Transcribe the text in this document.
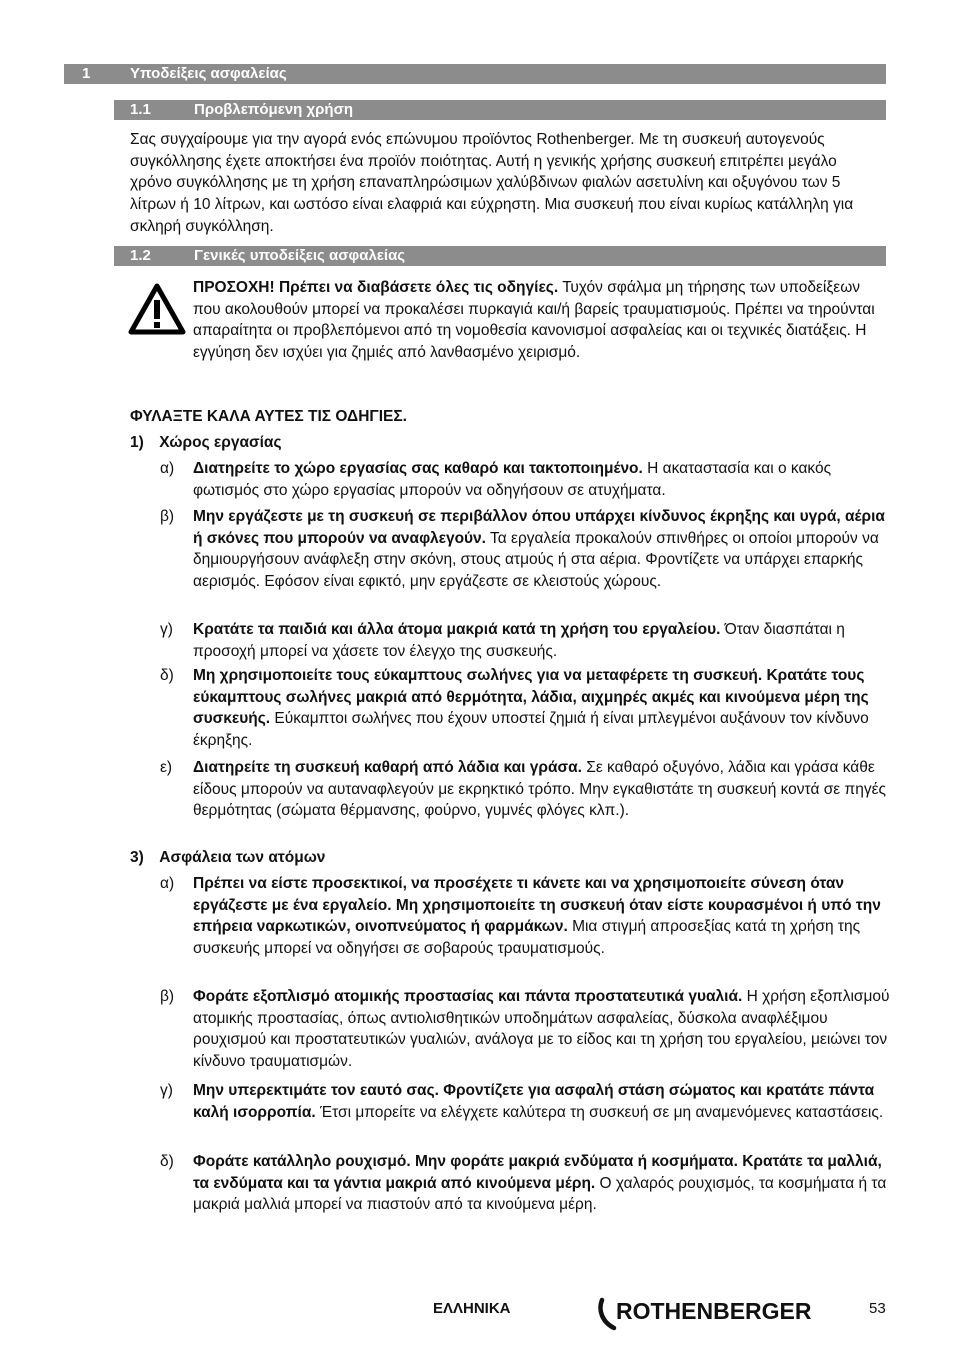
1	Υποδείξεις ασφαλείας
1.1	Προβλεπόμενη χρήση
Σας συγχαίρουμε για την αγορά ενός επώνυμου προϊόντος Rothenberger. Με τη συσκευή αυτογενούς συγκόλλησης έχετε αποκτήσει ένα προϊόν ποιότητας. Αυτή η γενικής χρήσης συσκευή επιτρέπει μεγάλο χρόνο συγκόλλησης με τη χρήση επαναπληρώσιμων χαλύβδινων φιαλών ασετυλίνη και οξυγόνου των 5 λίτρων ή 10 λίτρων, και ωστόσο είναι ελαφριά και εύχρηστη. Μια συσκευή που είναι κυρίως κατάλληλη για σκληρή συγκόλληση.
1.2	Γενικές υποδείξεις ασφαλείας
ΠΡΟΣΟΧΗ! Πρέπει να διαβάσετε όλες τις οδηγίες. Τυχόν σφάλμα μη τήρησης των υποδείξεων που ακολουθούν μπορεί να προκαλέσει πυρκαγιά και/ή βαρείς τραυματισμούς. Πρέπει να τηρούνται απαραίτητα οι προβλεπόμενοι από τη νομοθεσία κανονισμοί ασφαλείας και οι τεχνικές διατάξεις. Η εγγύηση δεν ισχύει για ζημιές από λανθασμένο χειρισμό.
ΦΥΛΑΞΤΕ ΚΑΛΑ ΑΥΤΕΣ ΤΙΣ ΟΔΗΓΙΕΣ.
1) Χώρος εργασίας
α) Διατηρείτε το χώρο εργασίας σας καθαρό και τακτοποιημένο. Η ακαταστασία και ο κακός φωτισμός στο χώρο εργασίας μπορούν να οδηγήσουν σε ατυχήματα.
β) Μην εργάζεστε με τη συσκευή σε περιβάλλον όπου υπάρχει κίνδυνος έκρηξης και υγρά, αέρια ή σκόνες που μπορούν να αναφλεγούν. Τα εργαλεία προκαλούν σπινθήρες οι οποίοι μπορούν να δημιουργήσουν ανάφλεξη στην σκόνη, στους ατμούς ή στα αέρια. Φροντίζετε να υπάρχει επαρκής αερισμός. Εφόσον είναι εφικτό, μην εργάζεστε σε κλειστούς χώρους.
γ) Κρατάτε τα παιδιά και άλλα άτομα μακριά κατά τη χρήση του εργαλείου. Όταν διασπάται η προσοχή μπορεί να χάσετε τον έλεγχο της συσκευής.
δ) Μη χρησιμοποιείτε τους εύκαμπτους σωλήνες για να μεταφέρετε τη συσκευή. Κρατάτε τους εύκαμπτους σωλήνες μακριά από θερμότητα, λάδια, αιχμηρές ακμές και κινούμενα μέρη της συσκευής. Εύκαμπτοι σωλήνες που έχουν υποστεί ζημιά ή είναι μπλεγμένοι αυξάνουν τον κίνδυνο έκρηξης.
ε) Διατηρείτε τη συσκευή καθαρή από λάδια και γράσα. Σε καθαρό οξυγόνο, λάδια και γράσα κάθε είδους μπορούν να αυταναφλεγούν με εκρηκτικό τρόπο. Μην εγκαθιστάτε τη συσκευή κοντά σε πηγές θερμότητας (σώματα θέρμανσης, φούρνο, γυμνές φλόγες κλπ.).
3) Ασφάλεια των ατόμων
α) Πρέπει να είστε προσεκτικοί, να προσέχετε τι κάνετε και να χρησιμοποιείτε σύνεση όταν εργάζεστε με ένα εργαλείο. Μη χρησιμοποιείτε τη συσκευή όταν είστε κουρασμένοι ή υπό την επήρεια ναρκωτικών, οινοπνεύματος ή φαρμάκων. Μια στιγμή απροσεξίας κατά τη χρήση της συσκευής μπορεί να οδηγήσει σε σοβαρούς τραυματισμούς.
β) Φοράτε εξοπλισμό ατομικής προστασίας και πάντα προστατευτικά γυαλιά. Η χρήση εξοπλισμού ατομικής προστασίας, όπως αντιολισθητικών υποδημάτων ασφαλείας, δύσκολα αναφλέξιμου ρουχισμού και προστατευτικών γυαλιών, ανάλογα με το είδος και τη χρήση του εργαλείου, μειώνει τον κίνδυνο τραυματισμών.
γ) Μην υπερεκτιμάτε τον εαυτό σας. Φροντίζετε για ασφαλή στάση σώματος και κρατάτε πάντα καλή ισορροπία. Έτσι μπορείτε να ελέγχετε καλύτερα τη συσκευή σε μη αναμενόμενες καταστάσεις.
δ) Φοράτε κατάλληλο ρουχισμό. Μην φοράτε μακριά ενδύματα ή κοσμήματα. Κρατάτε τα μαλλιά, τα ενδύματα και τα γάντια μακριά από κινούμενα μέρη. Ο χαλαρός ρουχισμός, τα κοσμήματα ή τα μακριά μαλλιά μπορεί να πιαστούν από τα κινούμενα μέρη.
ΕΛΛΗΝΙΚΑ	ROTHENBERGER	53
